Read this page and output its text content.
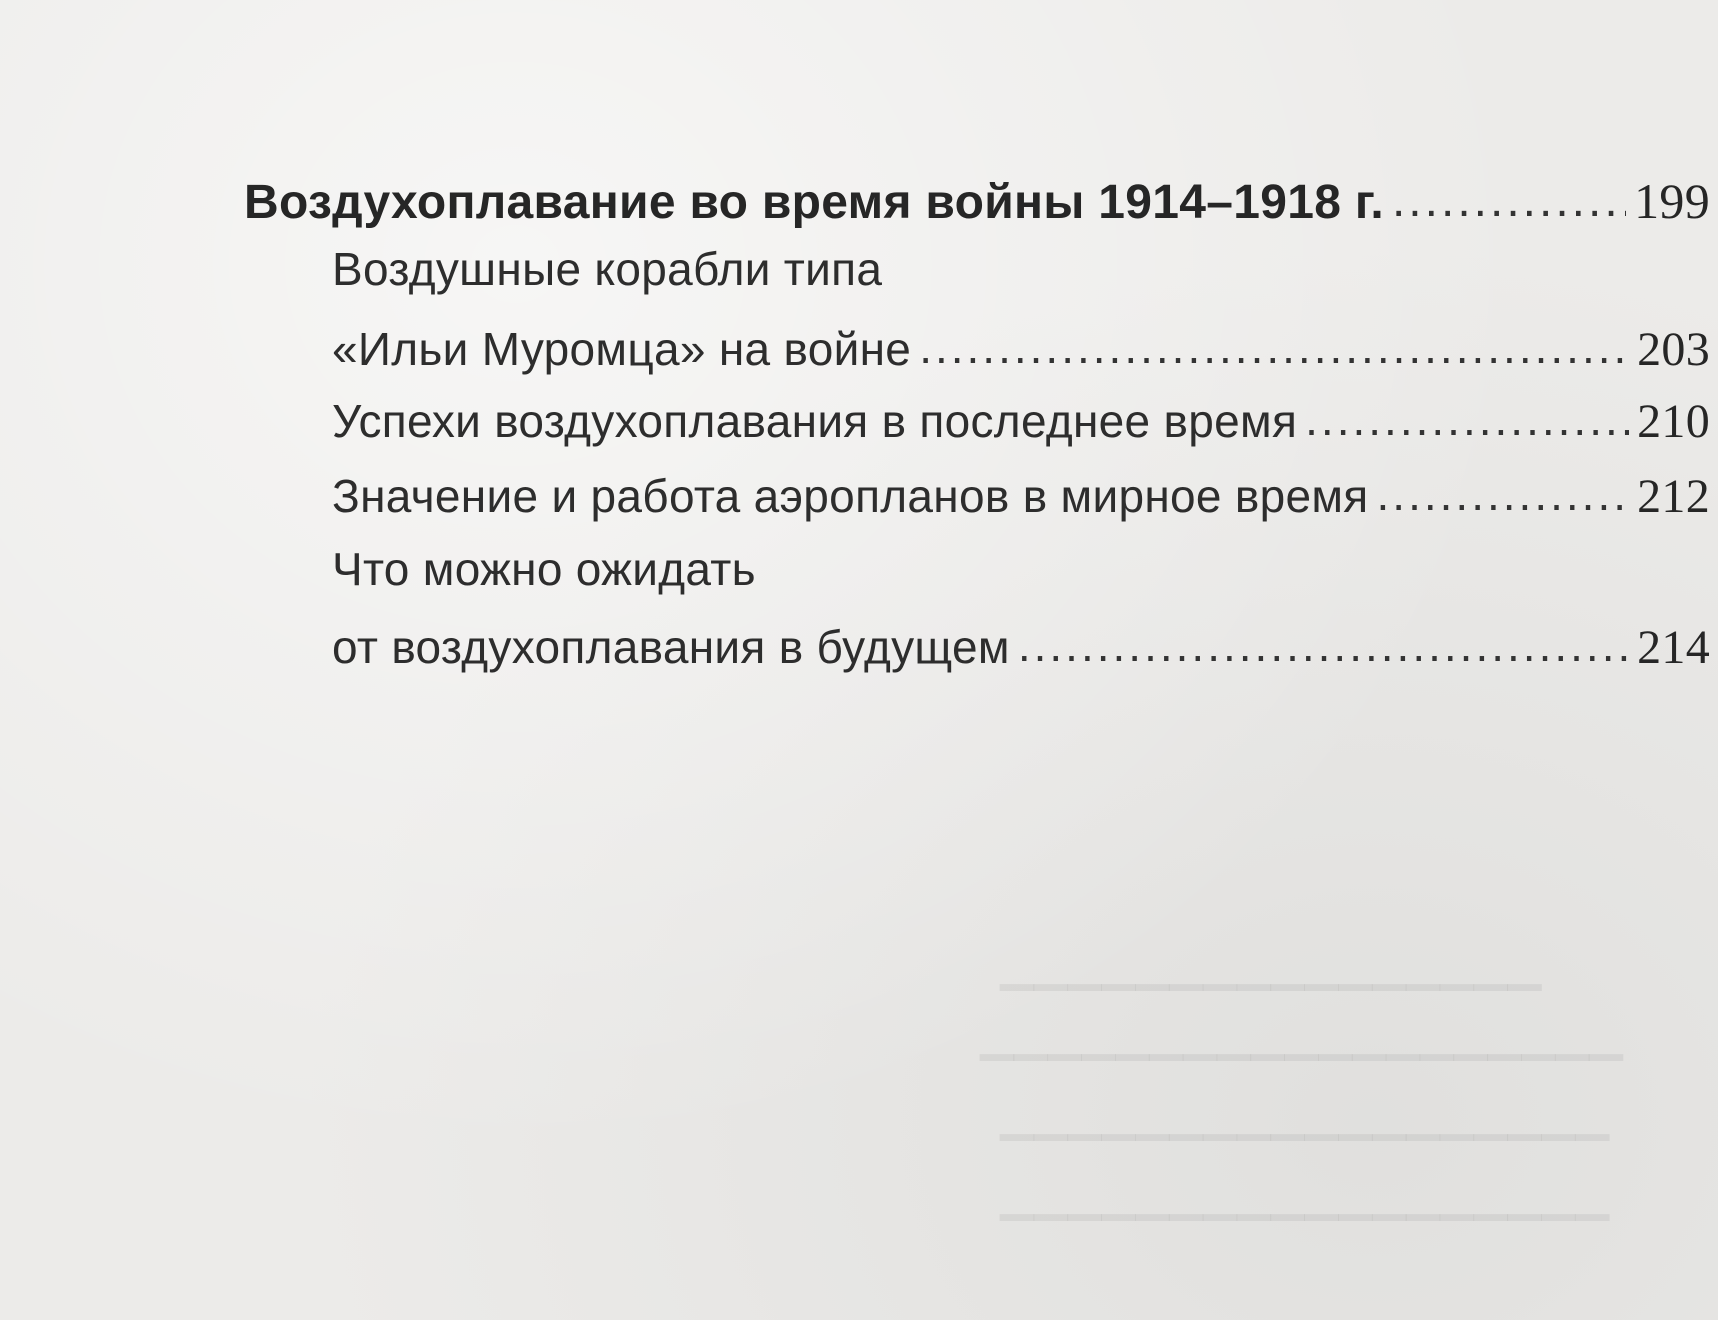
▁▁▁▁▁▁▁▁▁▁▁▁▁▁▁▁
▁▁▁▁▁▁▁▁▁▁▁▁▁▁▁▁▁▁▁
▁▁▁▁▁▁▁▁▁▁▁▁▁▁▁▁▁▁
▁▁▁▁▁▁▁▁▁▁▁▁▁▁▁▁▁▁
Воздухоплавание во время войны 1914–1918 г. .....	199
Воздушные корабли типа
«Ильи Муромца» на войне .....	203
Успехи воздухоплавания в последнее время .....	210
Значение и работа аэропланов в мирное время .....	212
Что можно ожидать
от воздухоплавания в будущем .....	214
